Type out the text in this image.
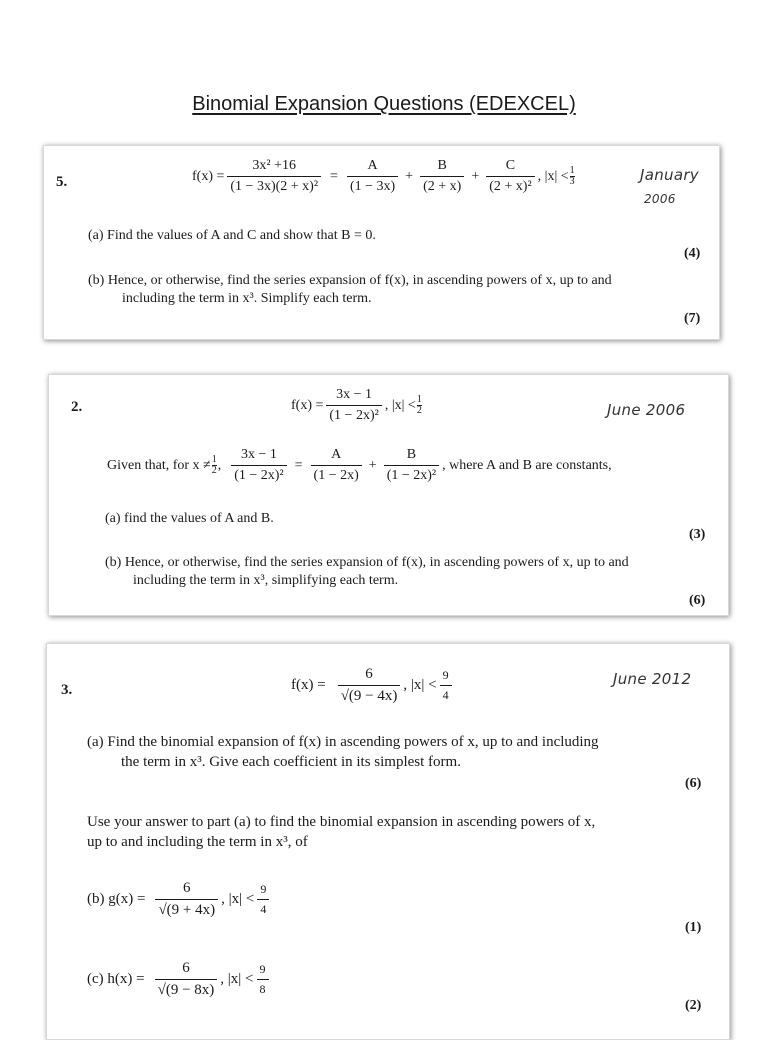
Binomial Expansion Questions (EDEXCEL)
5.	$f(x) = \frac{\text{3x² +16}}{\text{(1 − 3x)(2 + x)²}} = \frac{A}{(1 - 3x)} + \frac{B}{(2 + x)} + \frac{C}{\text{(2 + x)²}}$ , $|x| < \frac{1}{3}$	January
2006
(a) Find the values of A and C and show that B = 0.
(4)
(b) Hence, or otherwise, find the series expansion of f(x), in ascending powers of x, up to and
including the term in x³. Simplify each term.
(7)
2.	$f(x) = \frac{3x - 1}{\text{(1 − 2x)²}}$ , $|x| < \frac{1}{2}$	June 2006
Given that, for $x \ne \frac{1}{2}$ , $\frac{3x - 1}{\text{(1 − 2x)²}} = \frac{A}{(1 - 2x)} + \frac{B}{\text{(1 − 2x)²}}$ , where A and B are constants,
(a) find the values of A and B.
(3)
(b) Hence, or otherwise, find the series expansion of f(x), in ascending powers of x, up to and
including the term in x³, simplifying each term.
(6)
3.	$f(x) = \frac{6}{√(9 - 4x)}$ , $|x| < \frac{9}{4}$	June 2012
(a) Find the binomial expansion of f(x) in ascending powers of x, up to and including
the term in x³. Give each coefficient in its simplest form.
(6)
Use your answer to part (a) to find the binomial expansion in ascending powers of x,
up to and including the term in x³, of
(b) $g(x) = \frac{6}{√(9 + 4x)}$ , $|x| < \frac{9}{4}$
(1)
(c) $h(x) = \frac{6}{√(9 - 8x)}$ , $|x| < \frac{9}{8}$
(2)
